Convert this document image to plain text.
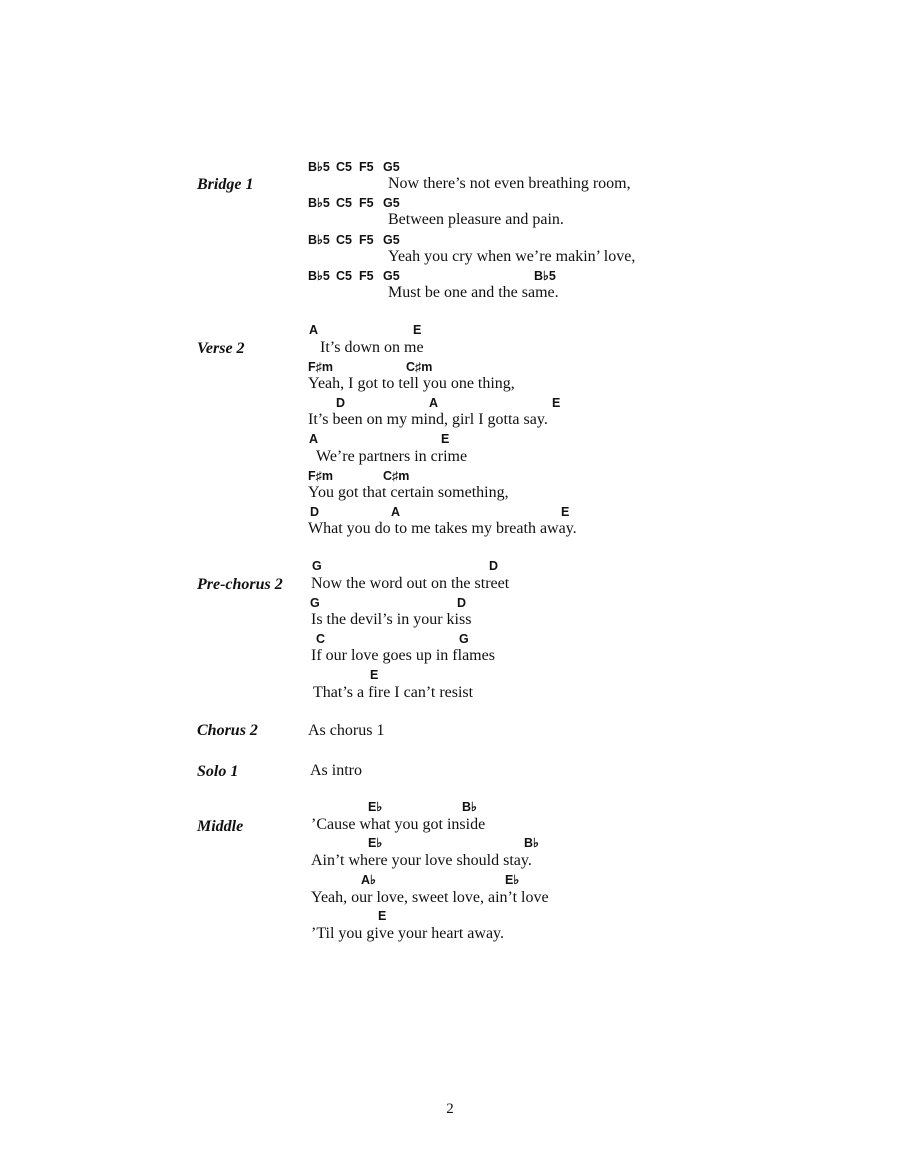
Bridge 1
B♭5 C5 F5 G5
Now there’s not even breathing room,
B♭5 C5 F5 G5
Between pleasure and pain.
B♭5 C5 F5 G5
Yeah you cry when we’re makin’ love,
B♭5 C5 F5 G5	B♭5
Must be one and the same.
Verse 2
A	E
It’s down on me
F♯m	C♯m
Yeah, I got to tell you one thing,
D	A	E
It’s been on my mind, girl I gotta say.
A	E
We’re partners in crime
F♯m	C♯m
You got that certain something,
D	A	E
What you do to me takes my breath away.
Pre-chorus 2
G	D
Now the word out on the street
G	D
Is the devil’s in your kiss
C	G
If our love goes up in flames
E
That’s a fire I can’t resist
Chorus 2	As chorus 1
Solo 1	As intro
Middle
E♭	B♭
’Cause what you got inside
E♭	B♭
Ain’t where your love should stay.
A♭	E♭
Yeah, our love, sweet love, ain’t love
E
’Til you give your heart away.
2
